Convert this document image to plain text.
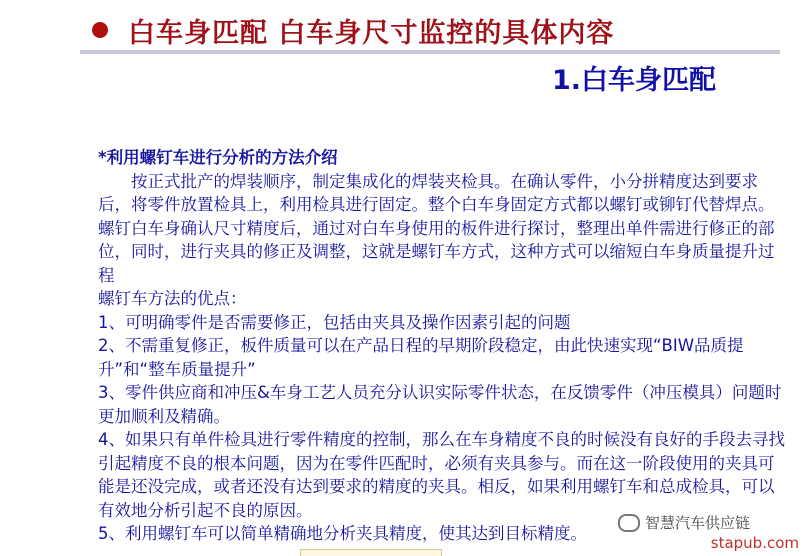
白车身匹配 白车身尺寸监控的具体内容
1.白车身匹配

*利用螺钉车进行分析的方法介绍

按正式批产的焊装顺序，制定集成化的焊装夹检具。在确认零件，小分拼精度达到要求后，将零件放置检具上，利用检具进行固定。整个白车身固定方式都以螺钉或铆钉代替焊点。螺钉白车身确认尺寸精度后，通过对白车身使用的板件进行探讨，整理出单件需进行修正的部位，同时，进行夹具的修正及调整，这就是螺钉车方式，这种方式可以缩短白车身质量提升过程

螺钉车方法的优点：

1、可明确零件是否需要修正，包括由夹具及操作因素引起的问题

2、不需重复修正，板件质量可以在产品日程的早期阶段稳定，由此快速实现“BIW品质提升”和“整车质量提升”

3、零件供应商和冲压&车身工艺人员充分认识实际零件状态，在反馈零件（冲压模具）问题时更加顺利及精确。

4、如果只有单件检具进行零件精度的控制，那么在车身精度不良的时候没有良好的手段去寻找引起精度不良的根本问题，因为在零件匹配时，必须有夹具参与。而在这一阶段使用的夹具可能是还没完成，或者还没有达到要求的精度的夹具。相反，如果利用螺钉车和总成检具，可以有效地分析引起不良的原因。

5、利用螺钉车可以简单精确地分析夹具精度，使其达到目标精度。

智慧汽车供应链
stapub.com
